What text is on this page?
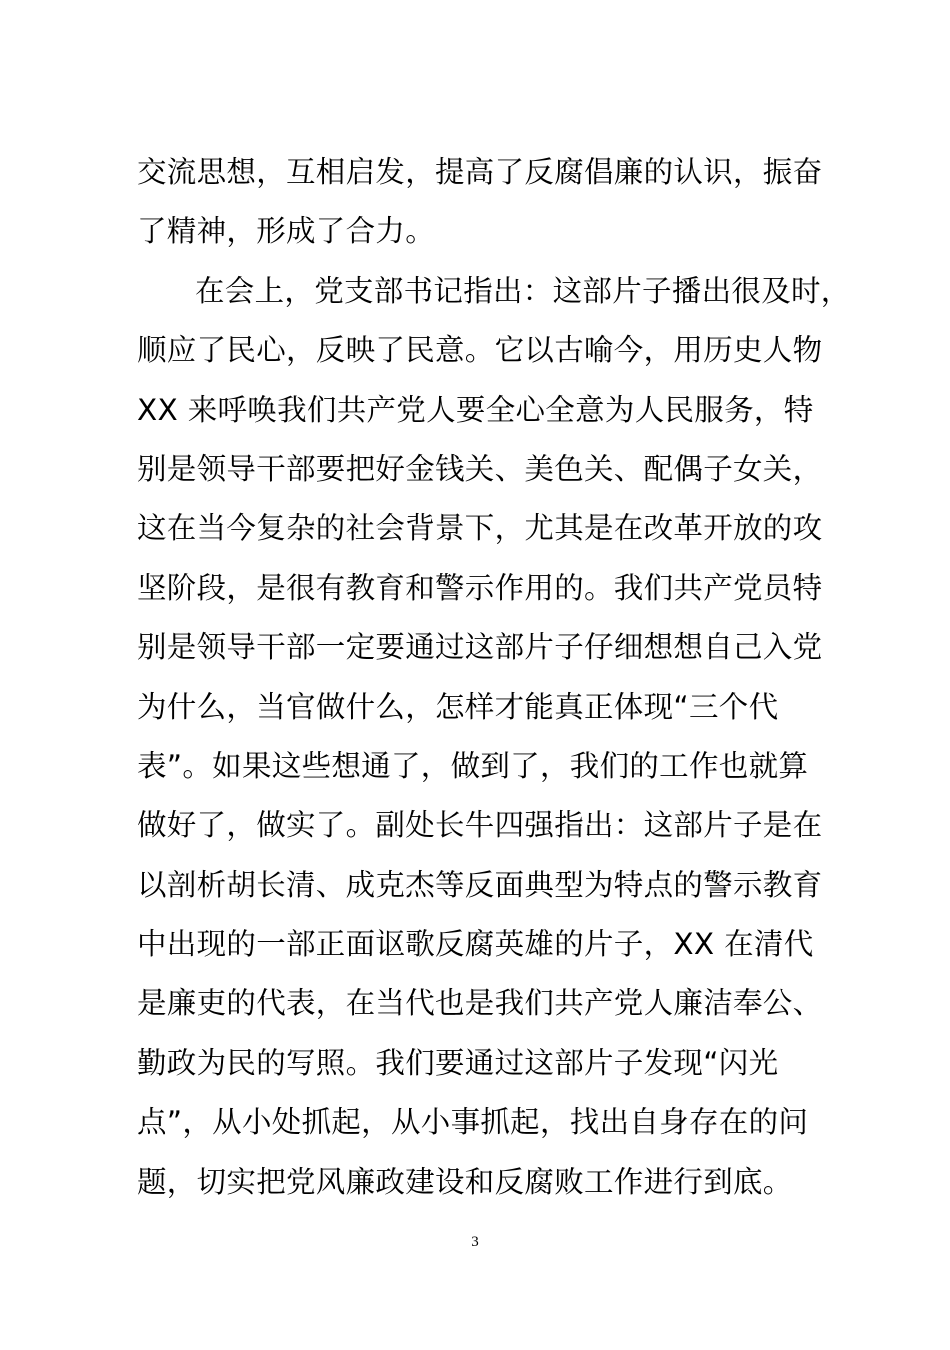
交流思想，互相启发，提高了反腐倡廉的认识，振奋
了精神，形成了合力。
在会上，党支部书记指出：这部片子播出很及时，
顺应了民心，反映了民意。它以古喻今，用历史人物
XX 来呼唤我们共产党人要全心全意为人民服务，特
别是领导干部要把好金钱关、美色关、配偶子女关，
这在当今复杂的社会背景下，尤其是在改革开放的攻
坚阶段，是很有教育和警示作用的。我们共产党员特
别是领导干部一定要通过这部片子仔细想想自己入党
为什么，当官做什么，怎样才能真正体现“三个代
表”。如果这些想通了，做到了，我们的工作也就算
做好了，做实了。副处长牛四强指出：这部片子是在
以剖析胡长清、成克杰等反面典型为特点的警示教育
中出现的一部正面讴歌反腐英雄的片子，XX 在清代
是廉吏的代表，在当代也是我们共产党人廉洁奉公、
勤政为民的写照。我们要通过这部片子发现“闪光
点”，从小处抓起，从小事抓起，找出自身存在的问
题，切实把党风廉政建设和反腐败工作进行到底。
3
